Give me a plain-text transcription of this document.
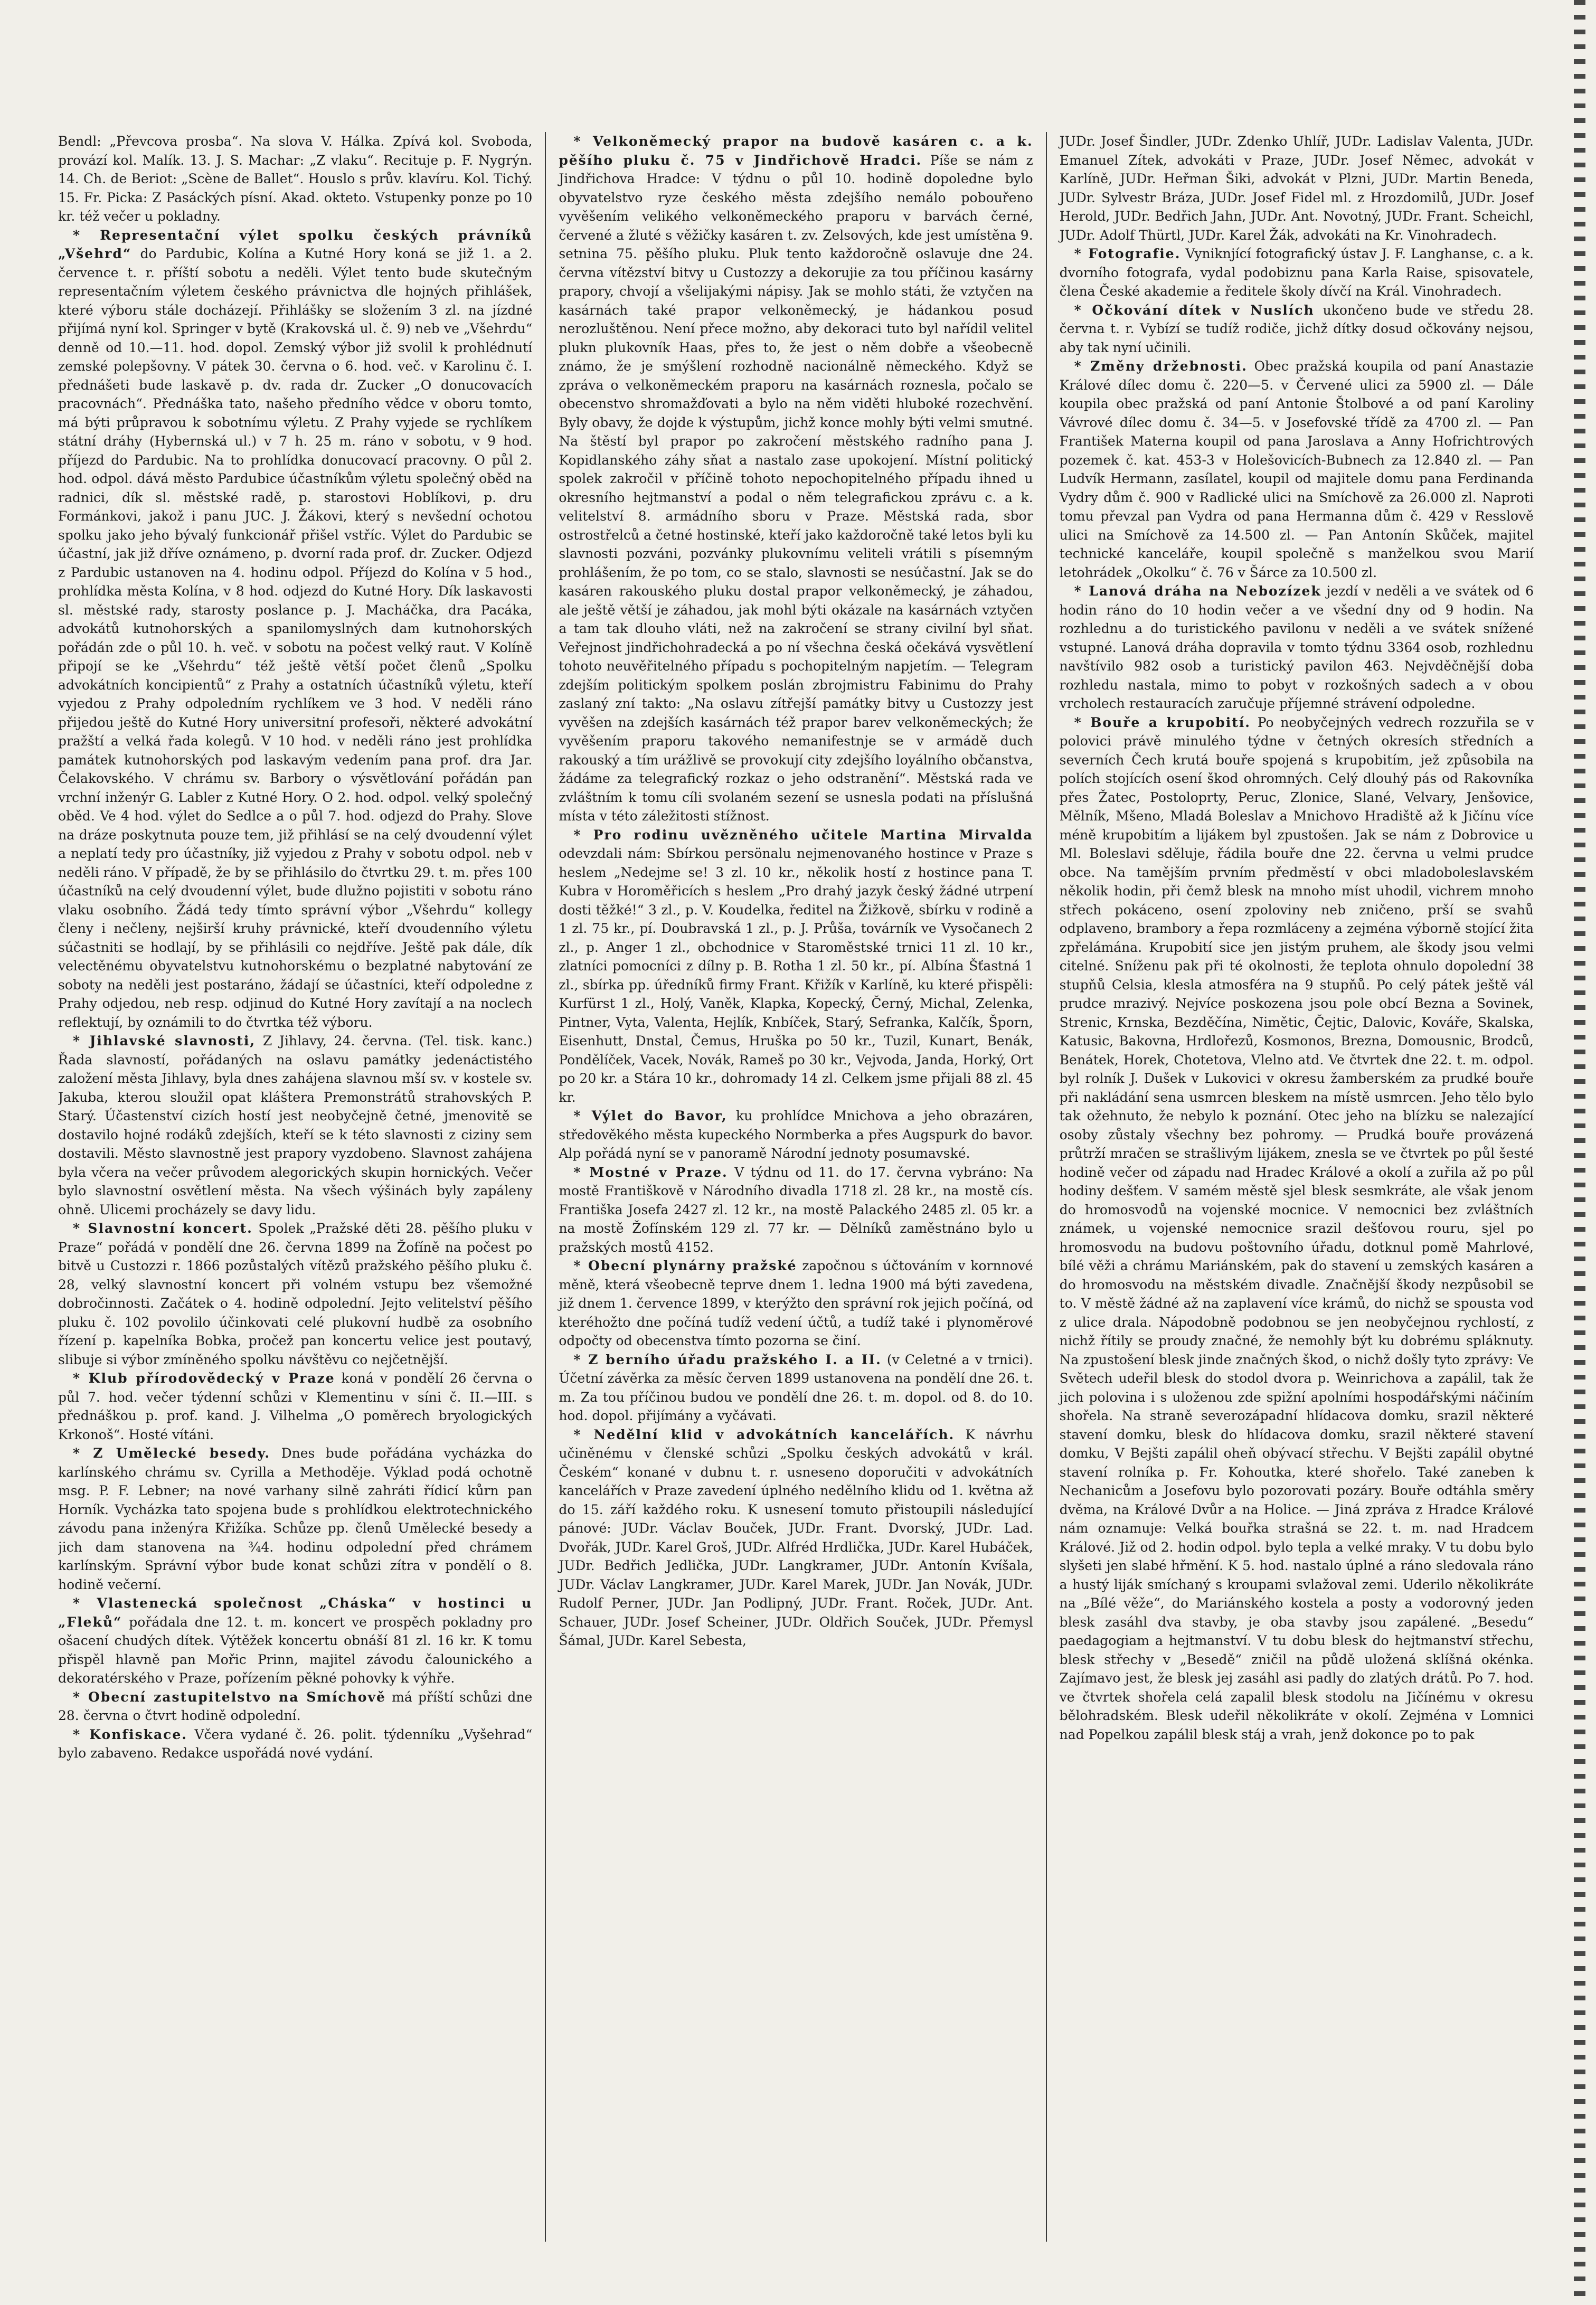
Bendl: „Převcova prosba“. Na slova V. Hálka. Zpívá kol. Svoboda, provází kol. Malík. 13. J. S. Machar: „Z vlaku“. Recituje p. F. Nygrýn. 14. Ch. de Beriot: „Scène de Ballet“. Houslo s prův. klavíru. Kol. Tichý. 15. Fr. Picka: Z Pasáckých písní. Akad. okteto. Vstupenky ponze po 10 kr. též večer u pokladny.

* Representační výlet spolku českých právníků „Všehrd“ do Pardubic, Kolína a Kutné Hory koná se již 1. a 2. července t. r. příští sobotu a neděli. Výlet tento bude skutečným representačním výletem českého právnictva dle hojných přihlášek, které výboru stále docházejí. Přihlášky se složením 3 zl. na jízdné přijímá nyní kol. Springer v bytě (Krakovská ul. č. 9) neb ve „Všehrdu“ denně od 10.—11. hod. dopol. Zemský výbor již svolil k prohlédnutí zemské polepšovny. V pátek 30. června o 6. hod. več. v Karolinu č. I. přednášeti bude laskavě p. dv. rada dr. Zucker „O donucovacích pracovnách“. Přednáška tato, našeho předního vědce v oboru tomto, má býti průpravou k sobotnímu výletu. Z Prahy vyjede se rychlíkem státní dráhy (Hybernská ul.) v 7 h. 25 m. ráno v sobotu, v 9 hod. příjezd do Pardubic. Na to prohlídka donucovací pracovny. O půl 2. hod. odpol. dává město Pardubice účastníkům výletu společný oběd na radnici, dík sl. městské radě, p. starostovi Hoblíkovi, p. dru Formánkovi, jakož i panu JUC. J. Žákovi, který s nevšední ochotou spolku jako jeho bývalý funkcionář přišel vstříc. Výlet do Pardubic se účastní, jak již dříve oznámeno, p. dvorní rada prof. dr. Zucker. Odjezd z Pardubic ustanoven na 4. hodinu odpol. Příjezd do Kolína v 5 hod., prohlídka města Kolína, v 8 hod. odjezd do Kutné Hory. Dík laskavosti sl. městské rady, starosty poslance p. J. Macháčka, dra Pacáka, advokátů kutnohorských a spanilomyslných dam kutnohorských pořádán zde o půl 10. h. več. v sobotu na počest velký raut. V Kolíně připojí se ke „Všehrdu“ též ještě větší počet členů „Spolku advokátních koncipientů“ z Prahy a ostatních účastníků výletu, kteří vyjedou z Prahy odpoledním rychlíkem ve 3 hod. V neděli ráno přijedou ještě do Kutné Hory universitní profesoři, některé advokátní pražští a velká řada kolegů. V 10 hod. v neděli ráno jest prohlídka památek kutnohorských pod laskavým vedením pana prof. dra Jar. Čelakovského. V chrámu sv. Barbory o výsvětlování pořádán pan vrchní inženýr G. Labler z Kutné Hory. O 2. hod. odpol. velký společný oběd. Ve 4 hod. výlet do Sedlce a o půl 7. hod. odjezd do Prahy. Slove na dráze poskytnuta pouze tem, již přihlásí se na celý dvoudenní výlet a neplatí tedy pro účastníky, již vyjedou z Prahy v sobotu odpol. neb v neděli ráno. V případě, že by se přihlásilo do čtvrtku 29. t. m. přes 100 účastníků na celý dvoudenní výlet, bude dlužno pojistiti v sobotu ráno vlaku osobního. Žádá tedy tímto správní výbor „Všehrdu“ kollegy členy i nečleny, nejširší kruhy právnické, kteří dvoudenního výletu súčastniti se hodlají, by se přihlásili co nejdříve. Ještě pak dále, dík velectěnému obyvatelstvu kutnohorskému o bezplatné nabytování ze soboty na neděli jest postaráno, žádají se účastníci, kteří odpoledne z Prahy odjedou, neb resp. odjinud do Kutné Hory zavítají a na noclech reflektují, by oznámili to do čtvrtka též výboru.

* Jihlavské slavnosti, Z Jihlavy, 24. června. (Tel. tisk. kanc.) Řada slavností, pořádaných na oslavu památky jedenáctistého založení města Jihlavy, byla dnes zahájena slavnou mší sv. v kostele sv. Jakuba, kterou sloužil opat kláštera Premonstrátů strahovských P. Starý. Účastenství cizích hostí jest neobyčejně četné, jmenovitě se dostavilo hojné rodáků zdejších, kteří se k této slavnosti z ciziny sem dostavili. Město slavnostně jest prapory vyzdobeno. Slavnost zahájena byla včera na večer průvodem alegorických skupin hornických. Večer bylo slavnostní osvětlení města. Na všech výšinách byly zapáleny ohně. Ulicemi procházely se davy lidu.

* Slavnostní koncert. Spolek „Pražské děti 28. pěšího pluku v Praze“ pořádá v pondělí dne 26. června 1899 na Žofíně na počest po bitvě u Custozzi r. 1866 pozůstalých vítězů pražského pěšího pluku č. 28, velký slavnostní koncert při volném vstupu bez všemožné dobročinnosti. Začátek o 4. hodině odpolední. Jejto velitelství pěšího pluku č. 102 povolilo účinkovati celé plukovní hudbě za osobního řízení p. kapelníka Bobka, pročež pan koncertu velice jest poutavý, slibuje si výbor zmíněného spolku návštěvu co nejčetnější.

* Klub přírodovědecký v Praze koná v pondělí 26 června o půl 7. hod. večer týdenní schůzi v Klementinu v síni č. II.—III. s přednáškou p. prof. kand. J. Vilhelma „O poměrech bryologických Krkonoš“. Hosté vítáni.

* Z Umělecké besedy. Dnes bude pořádána vycházka do karlínského chrámu sv. Cyrilla a Methoděje. Výklad podá ochotně msg. P. F. Lebner; na nové varhany silně zahráti řídicí kůrn pan Horník. Vycházka tato spojena bude s prohlídkou elektrotechnického závodu pana inženýra Křižíka. Schůze pp. členů Umělecké besedy a jich dam stanovena na ¾4. hodinu odpolední před chrámem karlínským. Správní výbor bude konat schůzi zítra v pondělí o 8. hodině večerní.

* Vlastenecká společnost „Cháska“ v hostinci u „Fleků“ pořádala dne 12. t. m. koncert ve prospěch pokladny pro ošacení chudých dítek. Výtěžek koncertu obnáší 81 zl. 16 kr. K tomu přispěl hlavně pan Mořic Prinn, majitel závodu čalounického a dekoratérského v Praze, pořízením pěkné pohovky k výhře.

* Obecní zastupitelstvo na Smíchově má příští schůzi dne 28. června o čtvrt hodině odpolední.

* Konfiskace. Včera vydané č. 26. polit. týdenníku „Vyšehrad“ bylo zabaveno. Redakce uspořádá nové vydání.

* Velkoněmecký prapor na budově kasáren c. a k. pěšího pluku č. 75 v Jindřichově Hradci. Píše se nám z Jindřichova Hradce: V týdnu o půl 10. hodině dopoledne bylo obyvatelstvo ryze českého města zdejšího nemálo pobouřeno vyvěšením velikého velkoněmeckého praporu v barvách černé, červené a žluté s věžičky kasáren t. zv. Zelsových, kde jest umístěna 9. setnina 75. pěšího pluku. Pluk tento každoročně oslavuje dne 24. června vítězství bitvy u Custozzy a dekorujie za tou příčinou kasárny prapory, chvojí a všelijakými nápisy. Jak se mohlo státi, že vztyčen na kasárnách také prapor velkoněmecký, je hádankou posud nerozluštěnou. Není přece možno, aby dekoraci tuto byl nařídil velitel plukn plukovník Haas, přes to, že jest o něm dobře a všeobecně známo, že je smýšlení rozhodně nacionálně německého. Když se zpráva o velkoněmeckém praporu na kasárnách roznesla, počalo se obecenstvo shromažďovati a bylo na něm viděti hluboké rozechvění. Byly obavy, že dojde k výstupům, jichž konce mohly býti velmi smutné. Na štěstí byl prapor po zakročení městského radního pana J. Kopidlanského záhy sňat a nastalo zase upokojení. Místní politický spolek zakročil v příčině tohoto nepochopitelného případu ihned u okresního hejtmanství a podal o něm telegrafickou zprávu c. a k. velitelství 8. armádního sboru v Praze. Městská rada, sbor ostrostřelců a četné hostinské, kteří jako každoročně také letos byli ku slavnosti pozváni, pozvánky plukovnímu veliteli vrátili s písemným prohlášením, že po tom, co se stalo, slavnosti se nesúčastní. Jak se do kasáren rakouského pluku dostal prapor velkoněmecký, je záhadou, ale ještě větší je záhadou, jak mohl býti okázale na kasárnách vztyčen a tam tak dlouho vláti, než na zakročení se strany civilní byl sňat. Veřejnost jindřichohradecká a po ní všechna česká očekává vysvětlení tohoto neuvěřitelného případu s pochopitelným napjetím. — Telegram zdejším politickým spolkem poslán zbrojmistru Fabinimu do Prahy zaslaný zní takto: „Na oslavu zítřejší památky bitvy u Custozzy jest vyvěšen na zdejších kasárnách též prapor barev velkoněmeckých; že vyvěšením praporu takového nemanifestnje se v armádě duch rakouský a tím urážlivě se provokují city zdejšího loyálního občanstva, žádáme za telegrafický rozkaz o jeho odstranění“. Městská rada ve zvláštním k tomu cíli svolaném sezení se usnesla podati na příslušná místa v této záležitosti stížnost.

* Pro rodinu uvězněného učitele Martina Mirvalda odevzdali nám: Sbírkou persönalu nejmenovaného hostince v Praze s heslem „Nedejme se! 3 zl. 10 kr., několik hostí z hostince pana T. Kubra v Horoměřicích s heslem „Pro drahý jazyk český žádné utrpení dosti těžké!“ 3 zl., p. V. Koudelka, ředitel na Žižkově, sbírku v rodině a 1 zl. 75 kr., pí. Doubravská 1 zl., p. J. Průša, továrník ve Vysočanech 2 zl., p. Anger 1 zl., obchodnice v Staroměstské trnici 11 zl. 10 kr., zlatníci pomocníci z dílny p. B. Rotha 1 zl. 50 kr., pí. Albína Šťastná 1 zl., sbírka pp. úředníků firmy Frant. Křižík v Karlíně, ku které přispěli: Kurfürst 1 zl., Holý, Vaněk, Klapka, Kopecký, Černý, Michal, Zelenka, Pintner, Vyta, Valenta, Hejlík, Knbíček, Starý, Sefranka, Kalčík, Šporn, Eisenhutt, Dnstal, Čemus, Hruška po 50 kr., Tuzil, Kunart, Benák, Pondělíček, Vacek, Novák, Rameš po 30 kr., Vejvoda, Janda, Horký, Ort po 20 kr. a Stára 10 kr., dohromady 14 zl. Celkem jsme přijali 88 zl. 45 kr.

* Výlet do Bavor, ku prohlídce Mnichova a jeho obrazáren, středověkého města kupeckého Normberka a přes Augspurk do bavor. Alp pořádá nyní se v panoramě Národní jednoty posumavské.

* Mostné v Praze. V týdnu od 11. do 17. června vybráno: Na mostě Františkově v Národního divadla 1718 zl. 28 kr., na mostě cís. Františka Josefa 2427 zl. 12 kr., na mostě Palackého 2485 zl. 05 kr. a na mostě Žofínském 129 zl. 77 kr. — Dělníků zaměstnáno bylo u pražských mostů 4152.

* Obecní plynárny pražské započnou s účtováním v kornnové měně, která všeobecně teprve dnem 1. ledna 1900 má býti zavedena, již dnem 1. července 1899, v kterýžto den správní rok jejich počíná, od kteréhožto dne počíná tudíž vedení účtů, a tudíž také i plynoměrové odpočty od obecenstva tímto pozorna se činí.

* Z berního úřadu pražského I. a II. (v Celetné a v trnici). Účetní závěrka za měsíc červen 1899 ustanovena na pondělí dne 26. t. m. Za tou příčinou budou ve pondělí dne 26. t. m. dopol. od 8. do 10. hod. dopol. přijímány a vyčávati.

* Nedělní klid v advokátních kancelářích. K návrhu učiněnému v členské schůzi „Spolku českých advokátů v král. Českém“ konané v dubnu t. r. usneseno doporučiti v advokátních kancelářích v Praze zavedení úplného nedělního klidu od 1. května až do 15. září každého roku. K usnesení tomuto přistoupili následující pánové: JUDr. Václav Bouček, JUDr. Frant. Dvorský, JUDr. Lad. Dvořák, JUDr. Karel Groš, JUDr. Alfréd Hrdlička, JUDr. Karel Hubáček, JUDr. Bedřich Jedlička, JUDr. Langkramer, JUDr. Antonín Kvíšala, JUDr. Václav Langkramer, JUDr. Karel Marek, JUDr. Jan Novák, JUDr. Rudolf Perner, JUDr. Jan Podlipný, JUDr. Frant. Roček, JUDr. Ant. Schauer, JUDr. Josef Scheiner, JUDr. Oldřich Souček, JUDr. Přemysl Šámal, JUDr. Karel Sebesta,

JUDr. Josef Šindler, JUDr. Zdenko Uhlíř, JUDr. Ladislav Valenta, JUDr. Emanuel Zítek, advokáti v Praze, JUDr. Josef Němec, advokát v Karlíně, JUDr. Heřman Šiki, advokát v Plzni, JUDr. Martin Beneda, JUDr. Sylvestr Bráza, JUDr. Josef Fidel ml. z Hrozdomilů, JUDr. Josef Herold, JUDr. Bedřich Jahn, JUDr. Ant. Novotný, JUDr. Frant. Scheichl, JUDr. Adolf Thürtl, JUDr. Karel Žák, advokáti na Kr. Vinohradech.

* Fotografie. Vyniknjící fotografický ústav J. F. Langhanse, c. a k. dvorního fotografa, vydal podobiznu pana Karla Raise, spisovatele, člena České akademie a ředitele školy dívčí na Král. Vinohradech.

* Očkování dítek v Nuslích ukončeno bude ve středu 28. června t. r. Vybízí se tudíž rodiče, jichž dítky dosud očkovány nejsou, aby tak nyní učinili.

* Změny držebnosti. Obec pražská koupila od paní Anastazie Králové dílec domu č. 220—5. v Červené ulici za 5900 zl. — Dále koupila obec pražská od paní Antonie Štolbové a od paní Karoliny Vávrové dílec domu č. 34—5. v Josefovské třídě za 4700 zl. — Pan František Materna koupil od pana Jaroslava a Anny Hofrichtrových pozemek č. kat. 453-3 v Holešovicích-Bubnech za 12.840 zl. — Pan Ludvík Hermann, zasílatel, koupil od majitele domu pana Ferdinanda Vydry dům č. 900 v Radlické ulici na Smíchově za 26.000 zl. Naproti tomu převzal pan Vydra od pana Hermanna dům č. 429 v Resslově ulici na Smíchově za 14.500 zl. — Pan Antonín Skůček, majitel technické kanceláře, koupil společně s manželkou svou Marií letohrádek „Okolku“ č. 76 v Šárce za 10.500 zl.

* Lanová dráha na Nebozízek jezdí v neděli a ve svátek od 6 hodin ráno do 10 hodin večer a ve všední dny od 9 hodin. Na rozhlednu a do turistického pavilonu v neděli a ve svátek snížené vstupné. Lanová dráha dopravila v tomto týdnu 3364 osob, rozhlednu navštívilo 982 osob a turistický pavilon 463. Nejvděčnější doba rozhledu nastala, mimo to pobyt v rozkošných sadech a v obou vrcholech restauracích zaručuje příjemné strávení odpoledne.

* Bouře a krupobití. Po neobyčejných vedrech rozzuřila se v polovici právě minulého týdne v četných okresích středních a severních Čech krutá bouře spojená s krupobitím, jež způsobila na polích stojících osení škod ohromných. Celý dlouhý pás od Rakovníka přes Žatec, Postoloprty, Peruc, Zlonice, Slané, Velvary, Jenšovice, Mělník, Mšeno, Mladá Boleslav a Mnichovo Hradiště až k Jičínu více méně krupobitím a lijákem byl zpustošen. Jak se nám z Dobrovice u Ml. Boleslavi sděluje, řádila bouře dne 22. června u velmi prudce obce. Na tamějším prvním předměstí v obci mladoboleslavském několik hodin, při čemž blesk na mnoho míst uhodil, vichrem mnoho střech pokáceno, osení zpoloviny neb zničeno, prší se svahů odplaveno, brambory a řepa rozmláceny a zejména výborně stojící žita zpřelámána. Krupobití sice jen jistým pruhem, ale škody jsou velmi citelné. Sníženu pak při té okolnosti, že teplota ohnulo dopolední 38 stupňů Celsia, klesla atmosféra na 9 stupňů. Po celý pátek ještě vál prudce mrazivý. Nejvíce poskozena jsou pole obcí Bezna a Sovinek, Strenic, Krnska, Bezděčína, Nimětic, Čejtic, Dalovic, Kováře, Skalska, Katusic, Bakovna, Hrdlořezů, Kosmonos, Brezna, Domousnic, Brodců, Benátek, Horek, Chotetova, Vlelno atd. Ve čtvrtek dne 22. t. m. odpol. byl rolník J. Dušek v Lukovici v okresu žamberském za prudké bouře při nakládání sena usmrcen bleskem na místě usmrcen. Jeho tělo bylo tak ožehnuto, že nebylo k poznání. Otec jeho na blízku se nalezající osoby zůstaly všechny bez pohromy. — Prudká bouře provázená průtrží mračen se strašlivým lijákem, znesla se ve čtvrtek po půl šesté hodině večer od západu nad Hradec Králové a okolí a zuřila až po půl hodiny dešťem. V samém městě sjel blesk sesmkráte, ale však jenom do hromosvodů na vojenské mocnice. V nemocnici bez zvláštních známek, u vojenské nemocnice srazil dešťovou rouru, sjel po hromosvodu na budovu poštovního úřadu, dotknul pomě Mahrlové, bílé věži a chrámu Mariánském, pak do stavení u zemských kasáren a do hromosvodu na městském divadle. Značnější škody nezpůsobil se to. V městě žádné až na zaplavení více krámů, do nichž se spousta vod z ulice drala. Nápodobně podobnou se jen neobyčejnou rychlostí, z nichž řítily se proudy značné, že nemohly být ku dobrému spláknuty. Na zpustošení blesk jinde značných škod, o nichž došly tyto zprávy: Ve Světech udeřil blesk do stodol dvora p. Weinrichova a zapálil, tak že jich polovina i s uloženou zde spižní apolními hospodářskými náčiním shořela. Na straně severozápadní hlídacova domku, srazil některé stavení domku, blesk do hlídacova domku, srazil některé stavení domku, V Bejšti zapálil oheň obývací střechu. V Bejšti zapálil obytné stavení rolníka p. Fr. Kohoutka, které shořelo. Také zaneben k Nechanicům a Josefovu bylo pozorovati pozáry. Bouře odtáhla směry dvěma, na Králové Dvůr a na Holice. — Jiná zpráva z Hradce Králové nám oznamuje: Velká bouřka strašná se 22. t. m. nad Hradcem Králové. Již od 2. hodin odpol. bylo tepla a velké mraky. V tu dobu bylo slyšeti jen slabé hřmění. K 5. hod. nastalo úplné a ráno sledovala ráno a hustý liják smíchaný s kroupami svlažoval zemi. Uderilo několikráte na „Bílé věže“, do Mariánského kostela a posty a vodorovný jeden blesk zasáhl dva stavby, je oba stavby jsou zapálené. „Besedu“ paedagogiam a hejtmanství. V tu dobu blesk do hejtmanství střechu, blesk střechy v „Besedě“ zničil na půdě uložená sklíšná okénka. Zajímavo jest, že blesk jej zasáhl asi padly do zlatých drátů. Po 7. hod. ve čtvrtek shořela celá zapalil blesk stodolu na Jičínému v okresu bělohradském. Blesk udeřil několikráte v okolí. Zejména v Lomnici nad Popelkou zapálil blesk stáj a vrah, jenž dokonce po to pak
